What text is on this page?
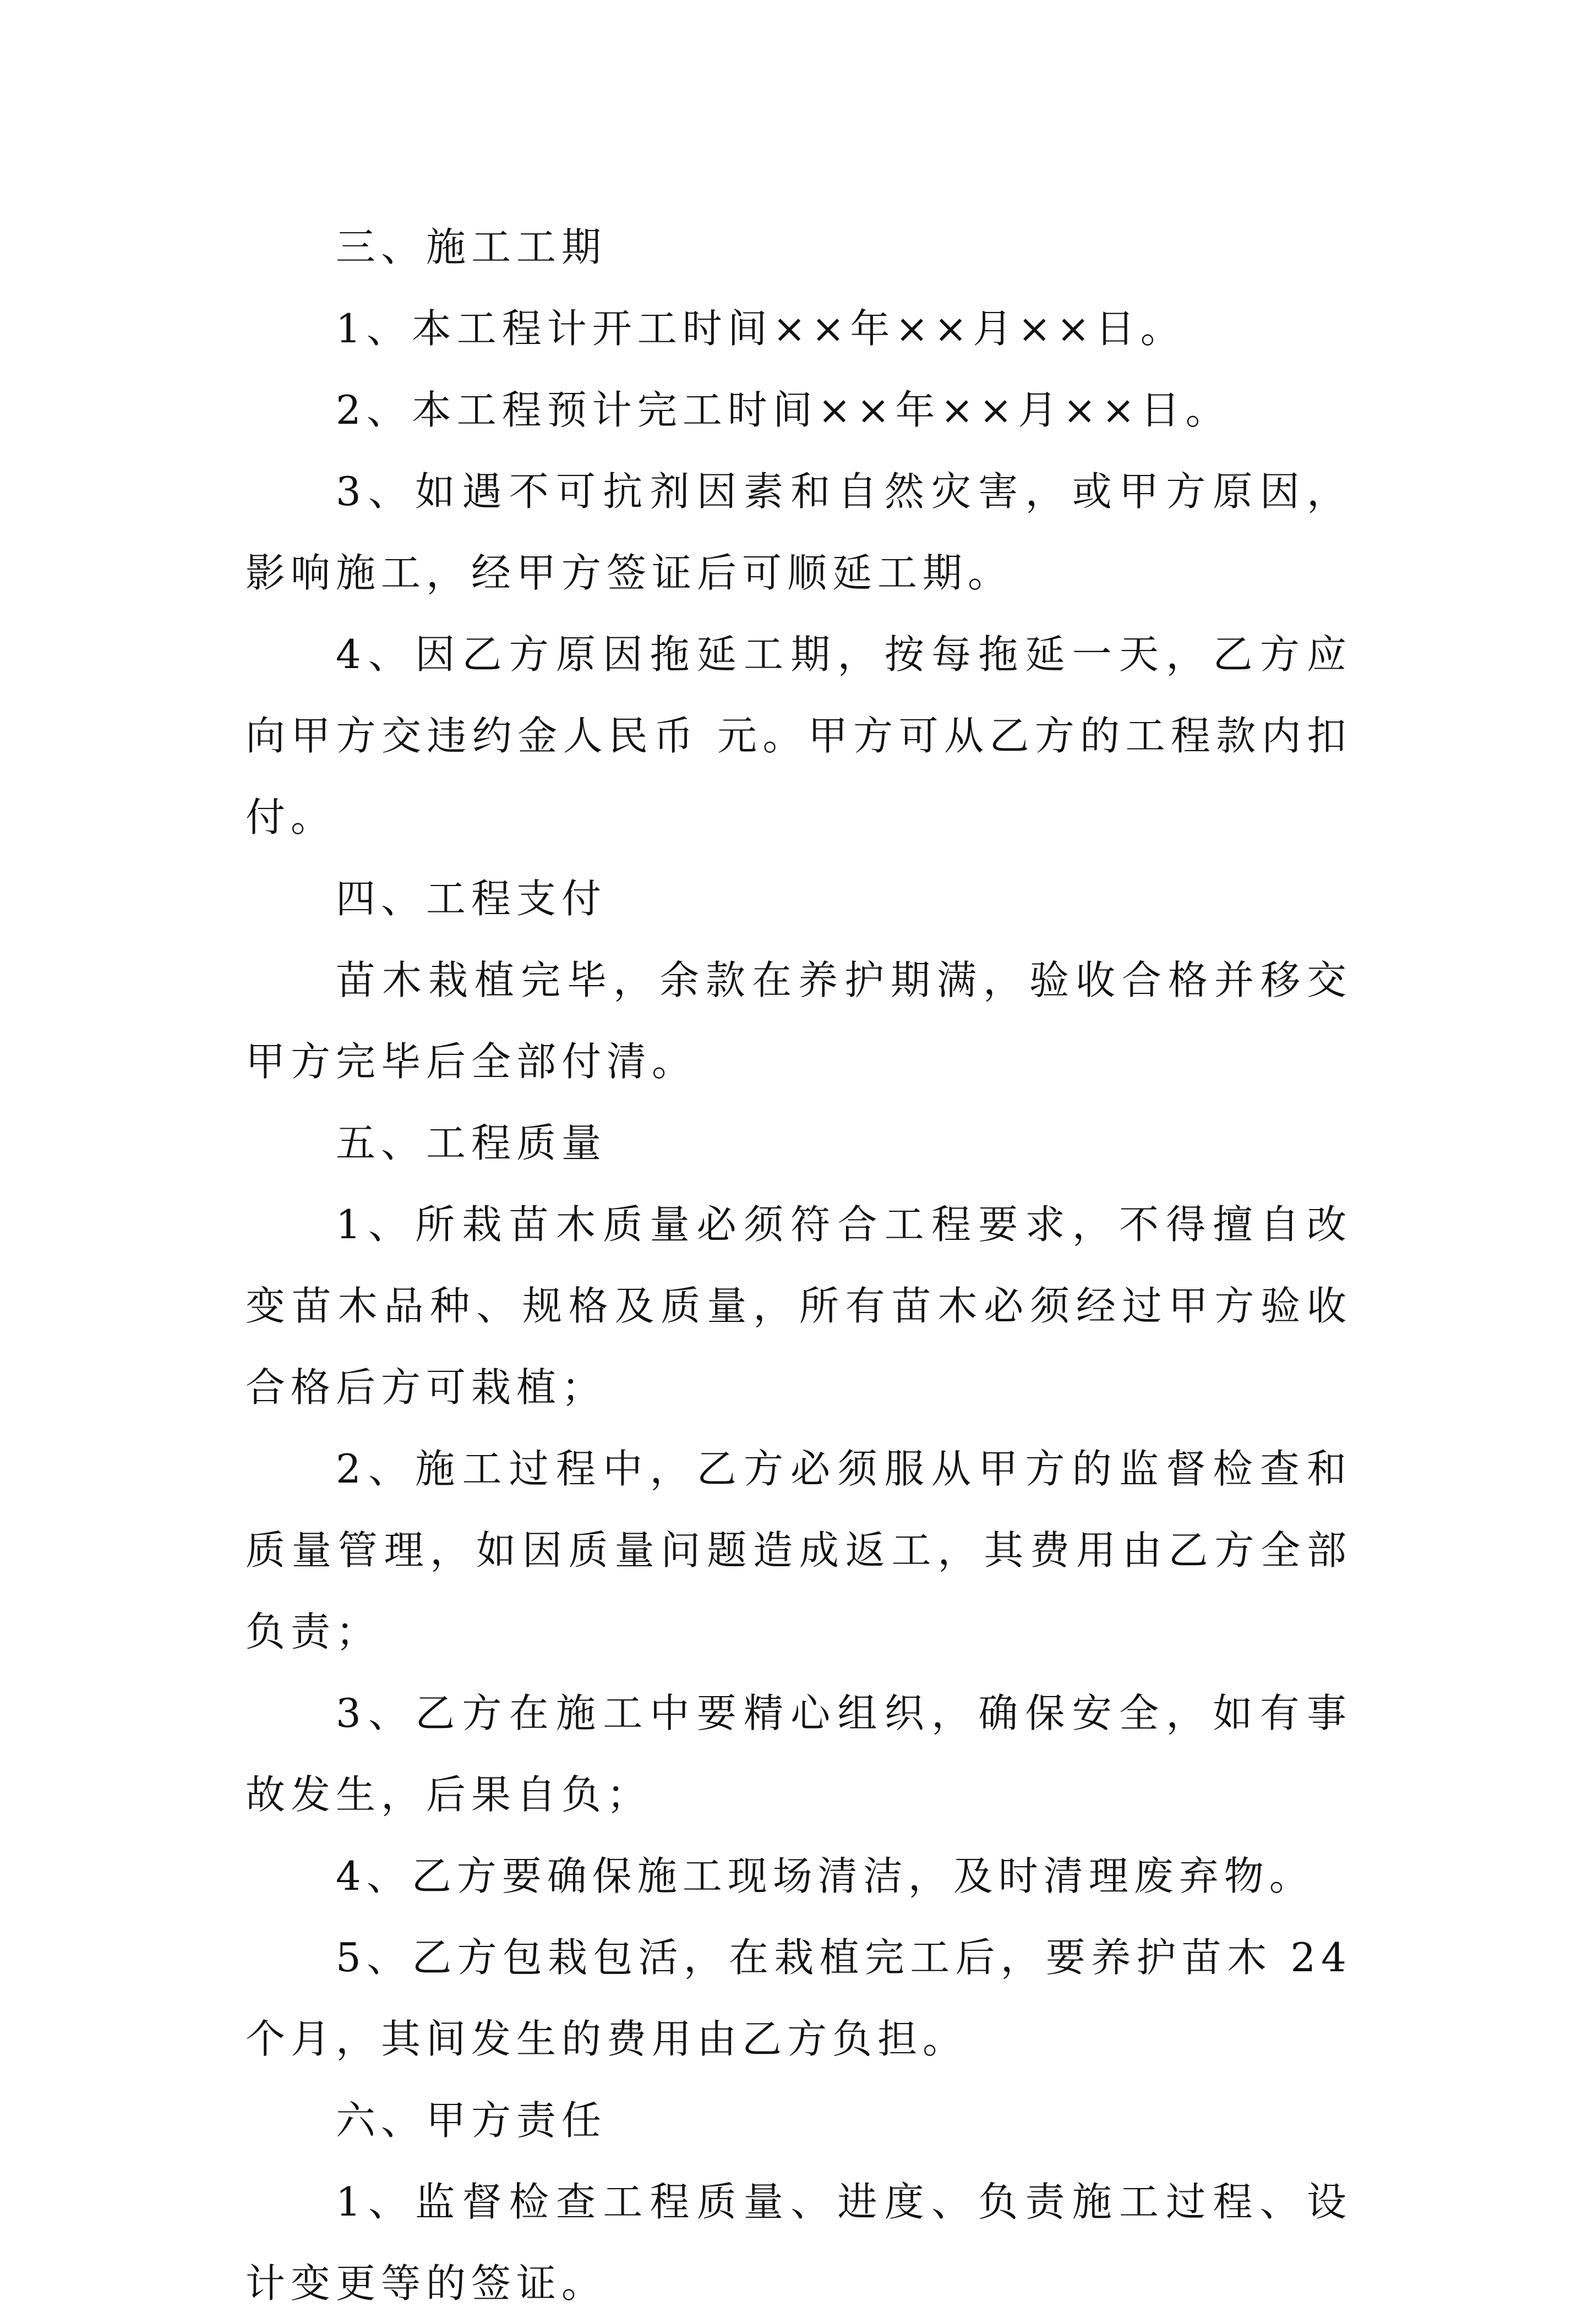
三、施工工期

1、本工程计开工时间××年××月××日。

2、本工程预计完工时间××年××月××日。

3、如遇不可抗剂因素和自然灾害，或甲方原因，影响施工，经甲方签证后可顺延工期。

4、因乙方原因拖延工期，按每拖延一天，乙方应向甲方交违约金人民币 元。甲方可从乙方的工程款内扣付。

四、工程支付

苗木栽植完毕，余款在养护期满，验收合格并移交甲方完毕后全部付清。

五、工程质量

1、所栽苗木质量必须符合工程要求，不得擅自改变苗木品种、规格及质量，所有苗木必须经过甲方验收合格后方可栽植；

2、施工过程中，乙方必须服从甲方的监督检查和质量管理，如因质量问题造成返工，其费用由乙方全部负责；

3、乙方在施工中要精心组织，确保安全，如有事故发生，后果自负；

4、乙方要确保施工现场清洁，及时清理废弃物。

5、乙方包栽包活，在栽植完工后，要养护苗木 24 个月，其间发生的费用由乙方负担。

六、甲方责任

1、监督检查工程质量、进度、负责施工过程、设计变更等的签证。
